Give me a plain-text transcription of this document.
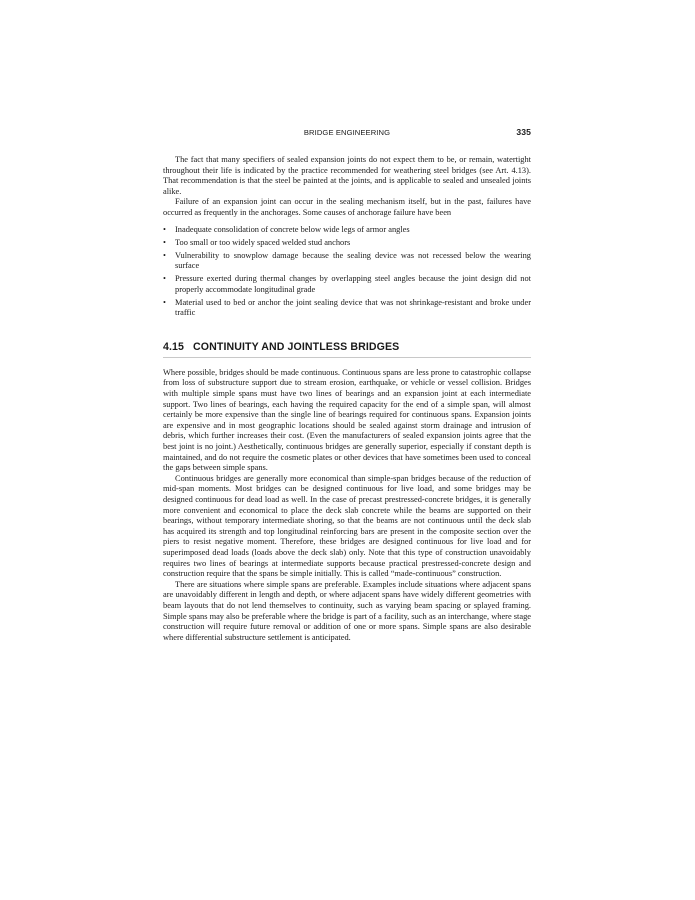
BRIDGE ENGINEERING	335

The fact that many specifiers of sealed expansion joints do not expect them to be, or remain, watertight throughout their life is indicated by the practice recommended for weathering steel bridges (see Art. 4.13). That recommendation is that the steel be painted at the joints, and is applicable to sealed and unsealed joints alike.

Failure of an expansion joint can occur in the sealing mechanism itself, but in the past, failures have occurred as frequently in the anchorages. Some causes of anchorage failure have been

• Inadequate consolidation of concrete below wide legs of armor angles
• Too small or too widely spaced welded stud anchors
• Vulnerability to snowplow damage because the sealing device was not recessed below the wearing surface
• Pressure exerted during thermal changes by overlapping steel angles because the joint design did not properly accommodate longitudinal grade
• Material used to bed or anchor the joint sealing device that was not shrinkage-resistant and broke under traffic
4.15 CONTINUITY AND JOINTLESS BRIDGES

Where possible, bridges should be made continuous. Continuous spans are less prone to catastrophic collapse from loss of substructure support due to stream erosion, earthquake, or vehicle or vessel collision. Bridges with multiple simple spans must have two lines of bearings and an expansion joint at each intermediate support. Two lines of bearings, each having the required capacity for the end of a simple span, will almost certainly be more expensive than the single line of bearings required for continuous spans. Expansion joints are expensive and in most geographic locations should be sealed against storm drainage and intrusion of debris, which further increases their cost. (Even the manufacturers of sealed expansion joints agree that the best joint is no joint.) Aesthetically, continuous bridges are generally superior, especially if constant depth is maintained, and do not require the cosmetic plates or other devices that have sometimes been used to conceal the gaps between simple spans.

Continuous bridges are generally more economical than simple-span bridges because of the reduction of mid-span moments. Most bridges can be designed continuous for live load, and some bridges may be designed continuous for dead load as well. In the case of precast prestressed-concrete bridges, it is generally more convenient and economical to place the deck slab concrete while the beams are supported on their bearings, without temporary intermediate shoring, so that the beams are not continuous until the deck slab has acquired its strength and top longitudinal reinforcing bars are present in the composite section over the piers to resist negative moment. Therefore, these bridges are designed continuous for live load and for superimposed dead loads (loads above the deck slab) only. Note that this type of construction unavoidably requires two lines of bearings at intermediate supports because practical prestressed-concrete design and construction require that the spans be simple initially. This is called “made-continuous” construction.

There are situations where simple spans are preferable. Examples include situations where adjacent spans are unavoidably different in length and depth, or where adjacent spans have widely different geometries with beam layouts that do not lend themselves to continuity, such as varying beam spacing or splayed framing. Simple spans may also be preferable where the bridge is part of a facility, such as an interchange, where stage construction will require future removal or addition of one or more spans. Simple spans are also desirable where differential substructure settlement is anticipated.
